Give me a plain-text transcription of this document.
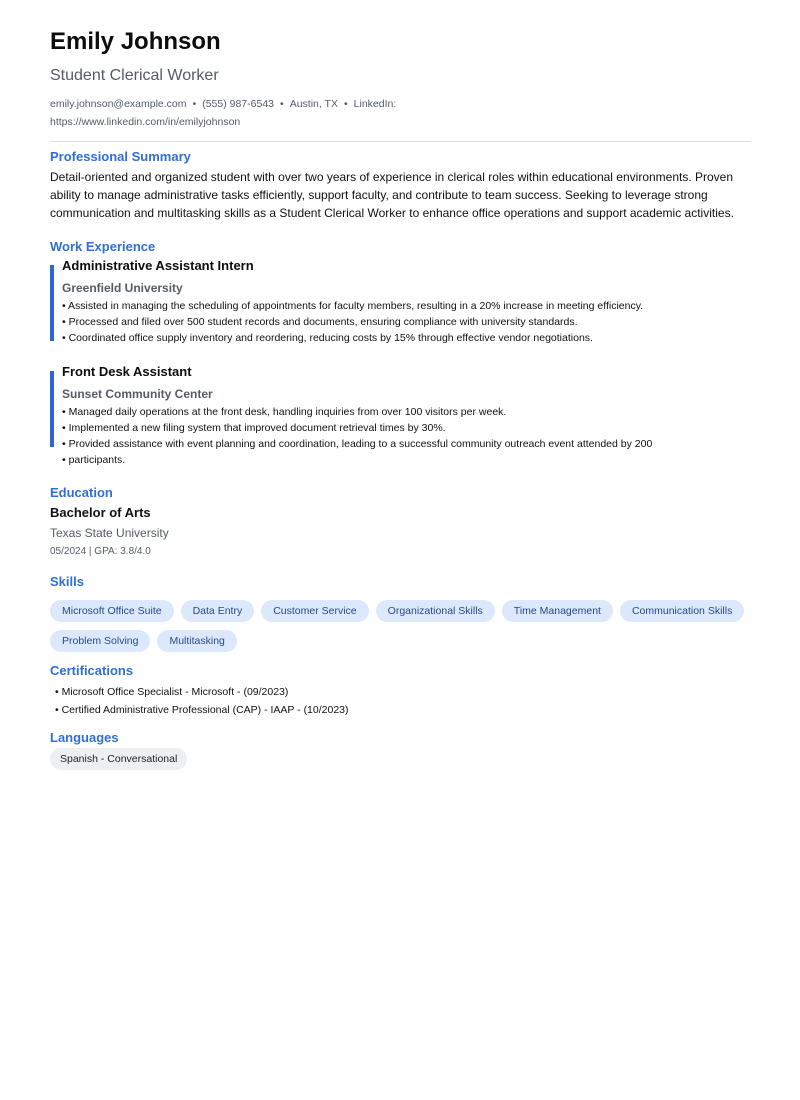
Emily Johnson
Student Clerical Worker
emily.johnson@example.com • (555) 987-6543 • Austin, TX • LinkedIn:
https://www.linkedin.com/in/emilyjohnson
Professional Summary
Detail-oriented and organized student with over two years of experience in clerical roles within educational environments. Proven ability to manage administrative tasks efficiently, support faculty, and contribute to team success. Seeking to leverage strong communication and multitasking skills as a Student Clerical Worker to enhance office operations and support academic activities.
Work Experience
Administrative Assistant Intern
Greenfield University
• Assisted in managing the scheduling of appointments for faculty members, resulting in a 20% increase in meeting efficiency.
• Processed and filed over 500 student records and documents, ensuring compliance with university standards.
• Coordinated office supply inventory and reordering, reducing costs by 15% through effective vendor negotiations.
Front Desk Assistant
Sunset Community Center
• Managed daily operations at the front desk, handling inquiries from over 100 visitors per week.
• Implemented a new filing system that improved document retrieval times by 30%.
• Provided assistance with event planning and coordination, leading to a successful community outreach event attended by 200
• participants.
Education
Bachelor of Arts
Texas State University
05/2024 | GPA: 3.8/4.0
Skills
Microsoft Office Suite	Data Entry	Customer Service	Organizational Skills	Time Management	Communication Skills
Problem Solving	Multitasking
Certifications
• Microsoft Office Specialist - Microsoft - (09/2023)
• Certified Administrative Professional (CAP) - IAAP - (10/2023)
Languages
Spanish - Conversational
